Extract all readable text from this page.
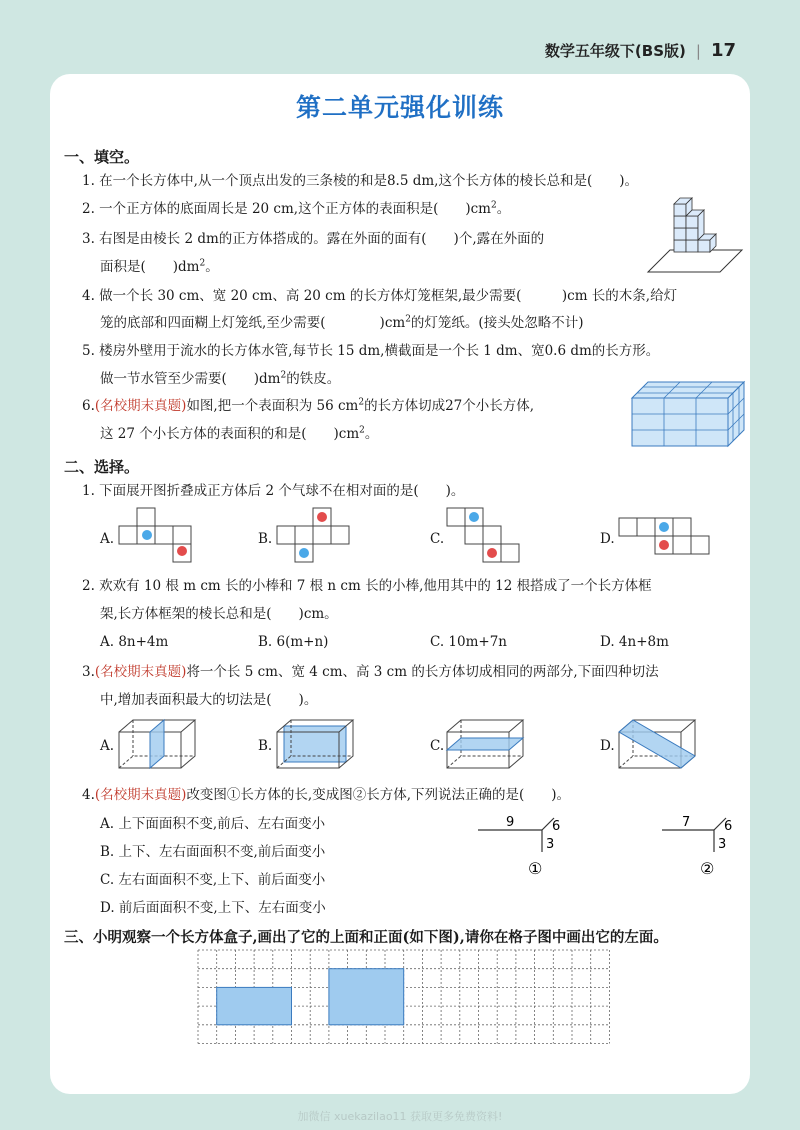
数学五年级下(BS版) | 17
第二单元强化训练
一、填空。
1. 在一个长方体中,从一个顶点出发的三条棱的和是8.5 dm,这个长方体的棱长总和是(　　)。
2. 一个正方体的底面周长是 20 cm,这个正方体的表面积是(　　)$cm^2$。
3. 右图是由棱长 2 dm的正方体搭成的。露在外面的面有(　　)个,露在外面的
面积是(　　)$dm^2$。
4. 做一个长 30 cm、宽 20 cm、高 20 cm 的长方体灯笼框架,最少需要(　　　)cm 长的木条,给灯
笼的底部和四面糊上灯笼纸,至少需要(　　　　)$cm^2$的灯笼纸。(接头处忽略不计)
5. 楼房外壁用于流水的长方体水管,每节长 15 dm,横截面是一个长 1 dm、宽0.6 dm的长方形。
做一节水管至少需要(　　)$dm^2$的铁皮。
6.(名校期末真题)如图,把一个表面积为 56 $cm^2$的长方体切成27个小长方体,
这 27 个小长方体的表面积的和是(　　)$cm^2$。
二、选择。
1. 下面展开图折叠成正方体后 2 个气球不在相对面的是(　　)。
A.	B.	C.	D.
2. 欢欢有 10 根 m cm 长的小棒和 7 根 n cm 长的小棒,他用其中的 12 根搭成了一个长方体框
架,长方体框架的棱长总和是(　　)cm。
A. 8n+4m	B. 6(m+n)	C. 10m+7n	D. 4n+8m
3.(名校期末真题)将一个长 5 cm、宽 4 cm、高 3 cm 的长方体切成相同的两部分,下面四种切法
中,增加表面积最大的切法是(　　)。
A.	B.	C.	D.
4.(名校期末真题)改变图①长方体的长,变成图②长方体,下列说法正确的是(　　)。
A. 上下面面积不变,前后、左右面变小
B. 上下、左右面面积不变,前后面变小
C. 左右面面积不变,上下、前后面变小
D. 前后面面积不变,上下、左右面变小
9	6
3
①
7	6
3
②
三、小明观察一个长方体盒子,画出了它的上面和正面(如下图),请你在格子图中画出它的左面。
加微信 xuekazilao11 获取更多免费资料!
